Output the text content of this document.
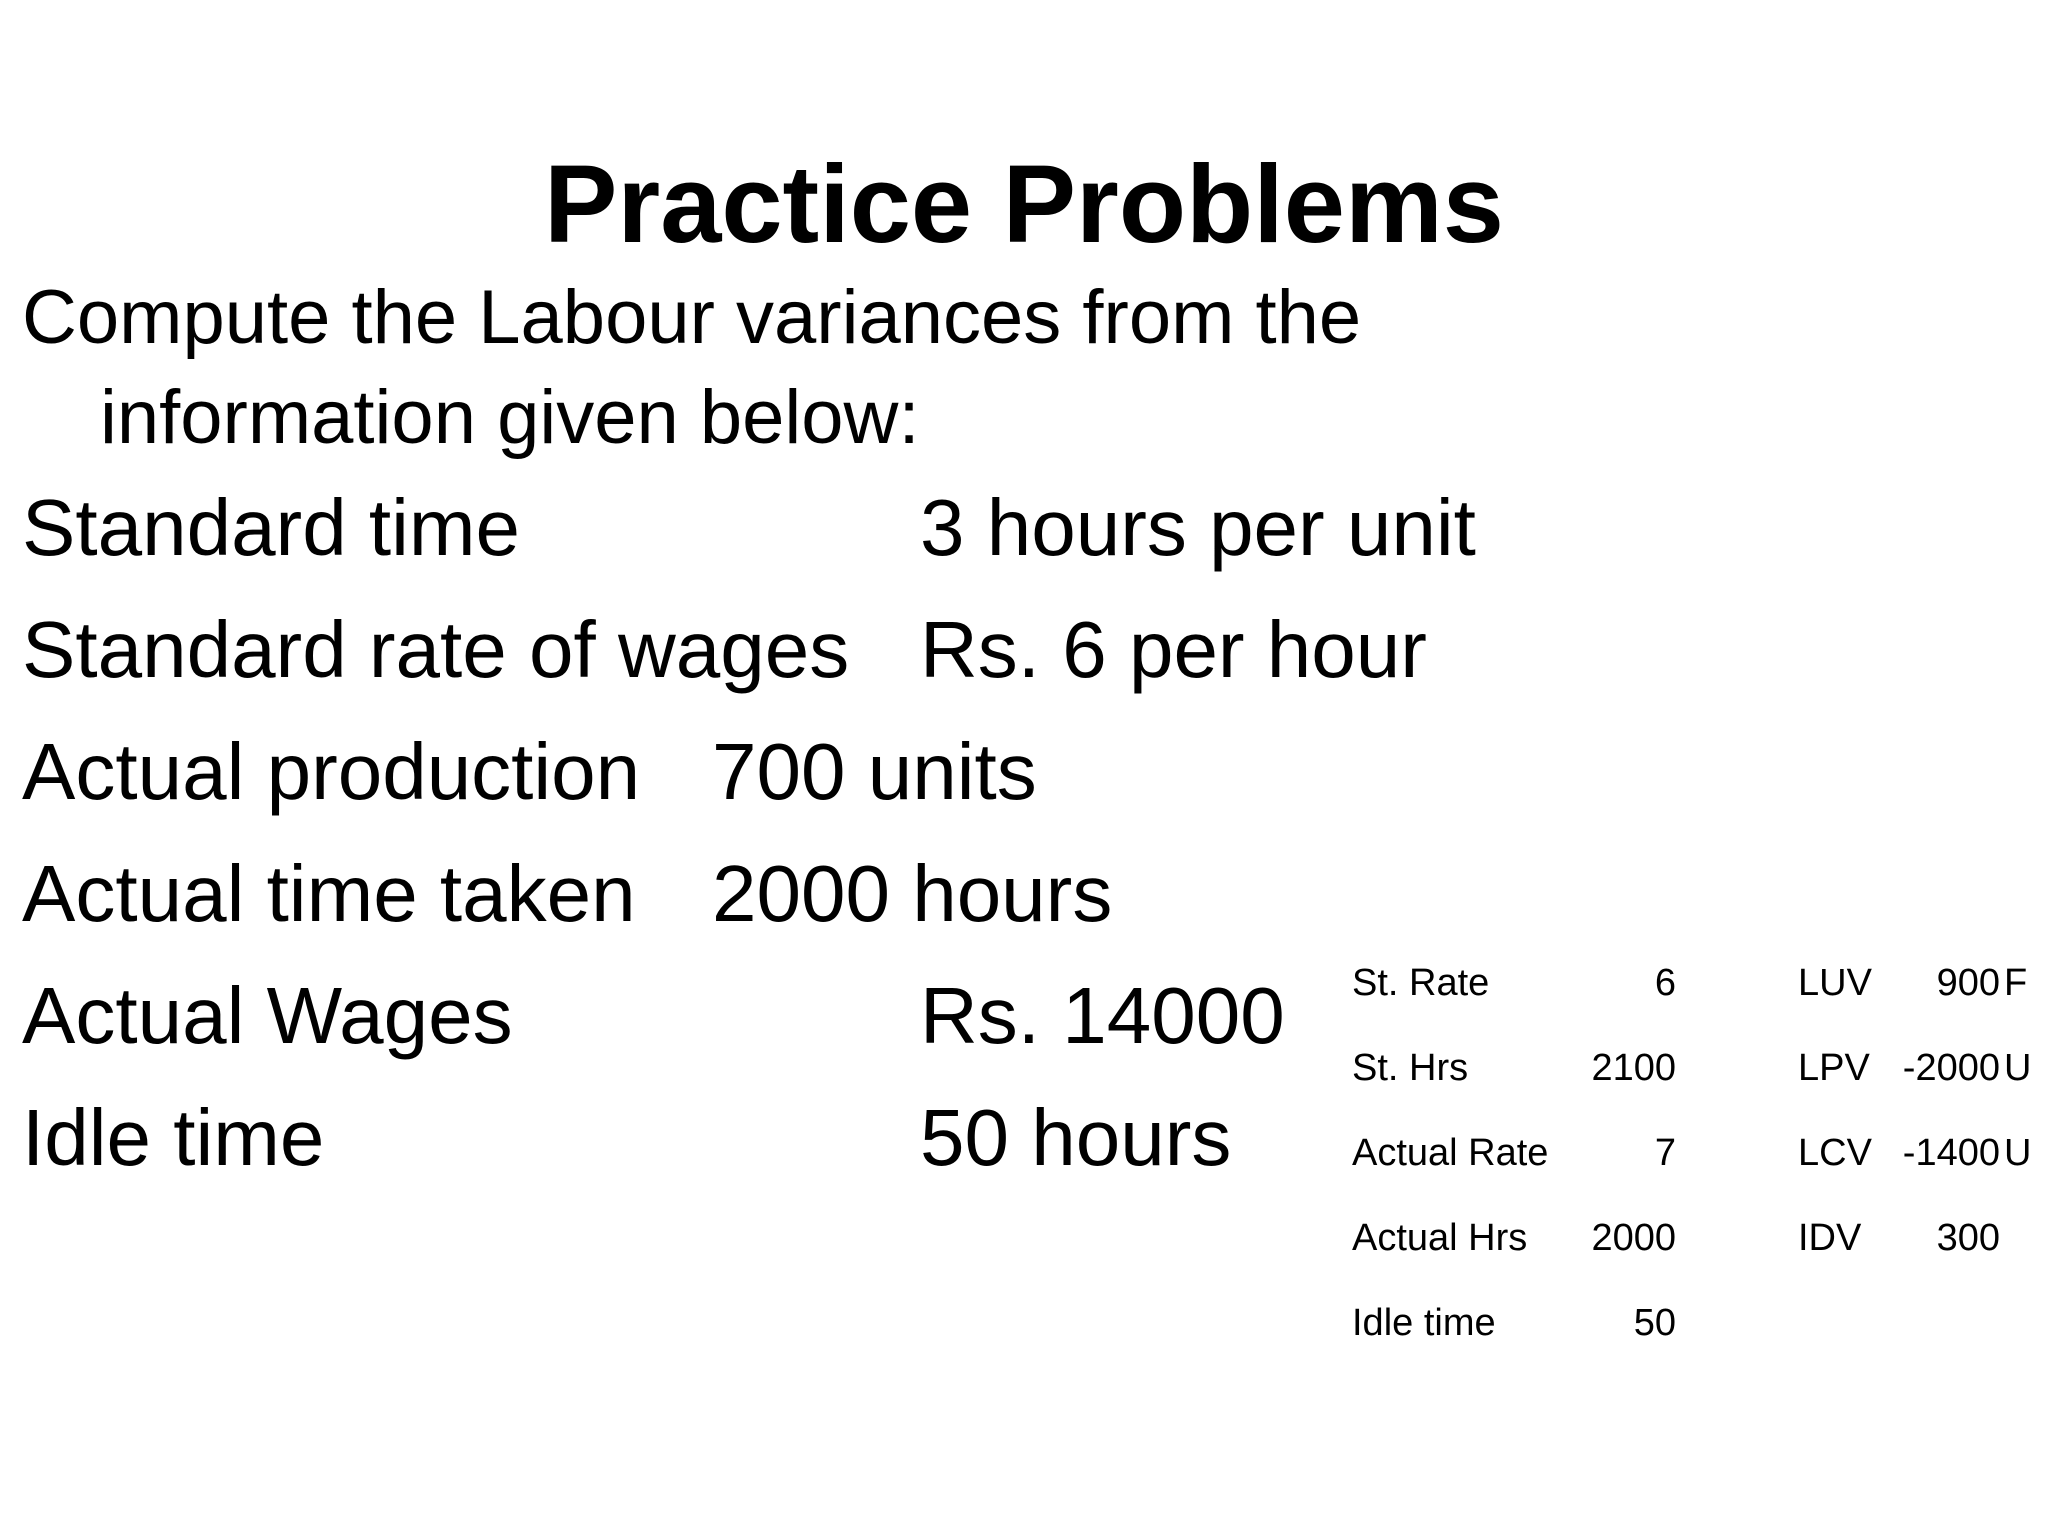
Practice Problems
Compute the Labour variances from the
information given below:
Standard time	3 hours per unit
Standard rate of wages Rs. 6 per hour
Actual production 700 units
Actual time taken 2000 hours
Actual Wages	Rs. 14000
Idle time	50 hours
St. Rate	6
St. Hrs	2100
Actual Rate	7
Actual Hrs	2000
Idle time	50
LUV	900 F
LPV -2000 U
LCV -1400 U
IDV	300
